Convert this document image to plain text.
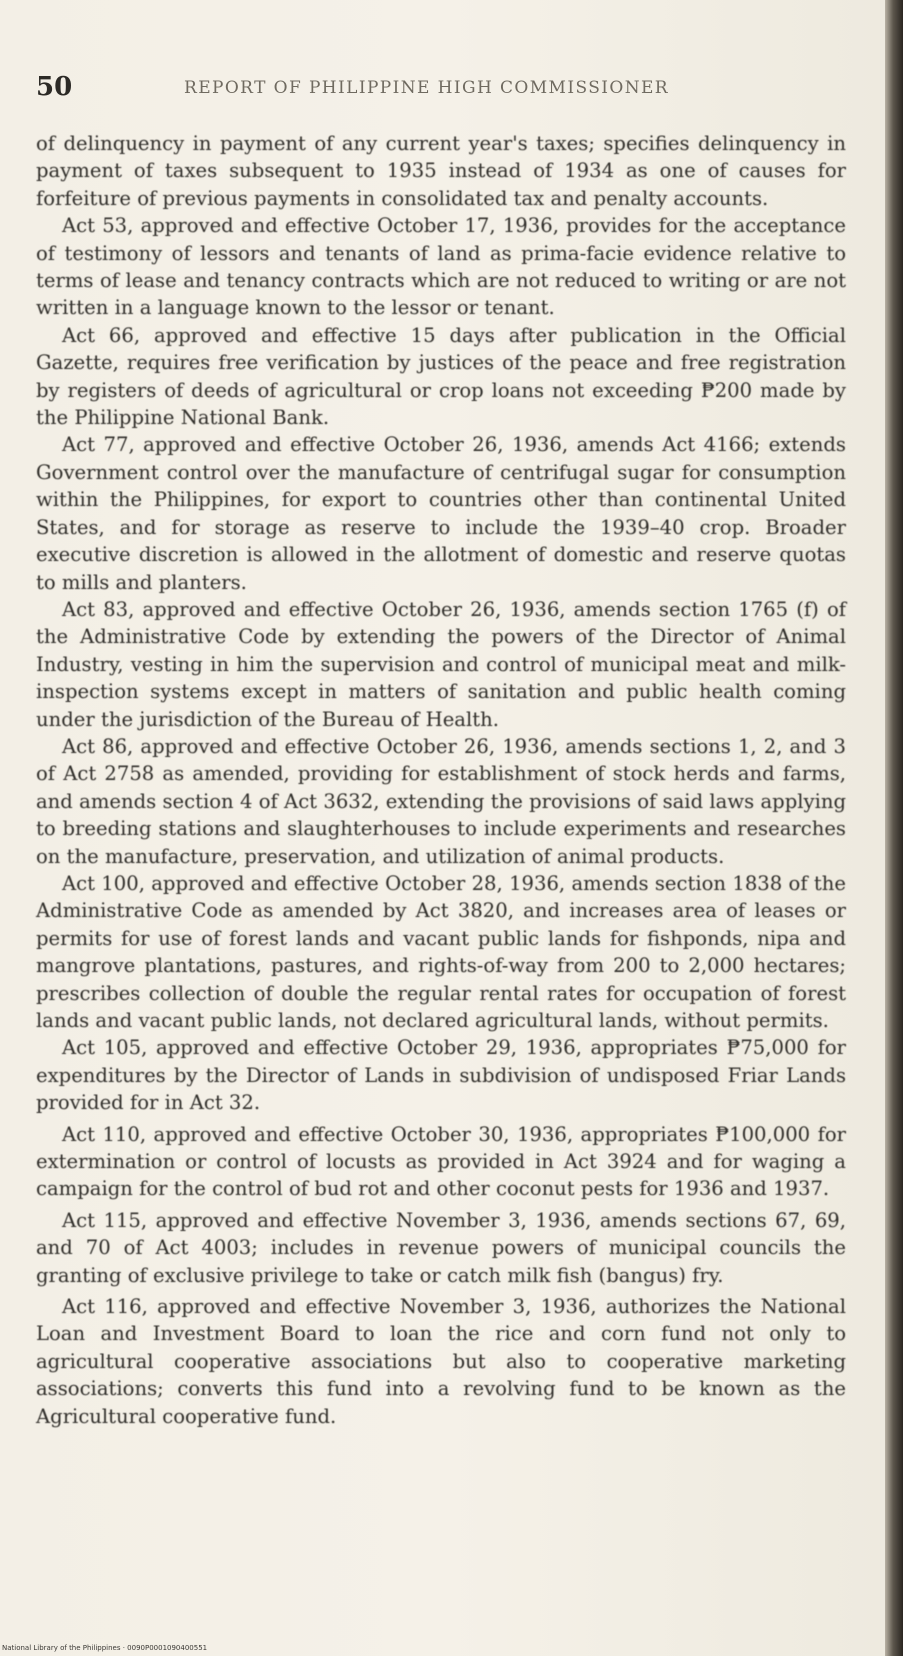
50	REPORT OF PHILIPPINE HIGH COMMISSIONER

of delinquency in payment of any current year's taxes; specifies delinquency in payment of taxes subsequent to 1935 instead of 1934 as one of causes for forfeiture of previous payments in consolidated tax and penalty accounts.

Act 53, approved and effective October 17, 1936, provides for the acceptance of testimony of lessors and tenants of land as prima-facie evidence relative to terms of lease and tenancy contracts which are not reduced to writing or are not written in a language known to the lessor or tenant.

Act 66, approved and effective 15 days after publication in the Official Gazette, requires free verification by justices of the peace and free registration by registers of deeds of agricultural or crop loans not exceeding ₱200 made by the Philippine National Bank.

Act 77, approved and effective October 26, 1936, amends Act 4166; extends Government control over the manufacture of centrifugal sugar for consumption within the Philippines, for export to countries other than continental United States, and for storage as reserve to include the 1939–40 crop. Broader executive discretion is allowed in the allotment of domestic and reserve quotas to mills and planters.

Act 83, approved and effective October 26, 1936, amends section 1765 (f) of the Administrative Code by extending the powers of the Director of Animal Industry, vesting in him the supervision and control of municipal meat and milk-inspection systems except in matters of sanitation and public health coming under the jurisdiction of the Bureau of Health.

Act 86, approved and effective October 26, 1936, amends sections 1, 2, and 3 of Act 2758 as amended, providing for establishment of stock herds and farms, and amends section 4 of Act 3632, extending the provisions of said laws applying to breeding stations and slaughterhouses to include experiments and researches on the manufacture, preservation, and utilization of animal products.

Act 100, approved and effective October 28, 1936, amends section 1838 of the Administrative Code as amended by Act 3820, and increases area of leases or permits for use of forest lands and vacant public lands for fishponds, nipa and mangrove plantations, pastures, and rights-of-way from 200 to 2,000 hectares; prescribes collection of double the regular rental rates for occupation of forest lands and vacant public lands, not declared agricultural lands, without permits.

Act 105, approved and effective October 29, 1936, appropriates ₱75,000 for expenditures by the Director of Lands in subdivision of undisposed Friar Lands provided for in Act 32.

Act 110, approved and effective October 30, 1936, appropriates ₱100,000 for extermination or control of locusts as provided in Act 3924 and for waging a campaign for the control of bud rot and other coconut pests for 1936 and 1937.

Act 115, approved and effective November 3, 1936, amends sections 67, 69, and 70 of Act 4003; includes in revenue powers of municipal councils the granting of exclusive privilege to take or catch milk fish (bangus) fry.

Act 116, approved and effective November 3, 1936, authorizes the National Loan and Investment Board to loan the rice and corn fund not only to agricultural cooperative associations but also to cooperative marketing associations; converts this fund into a revolving fund to be known as the Agricultural cooperative fund.

National Library of the Philippines · 0090P0001090400551
